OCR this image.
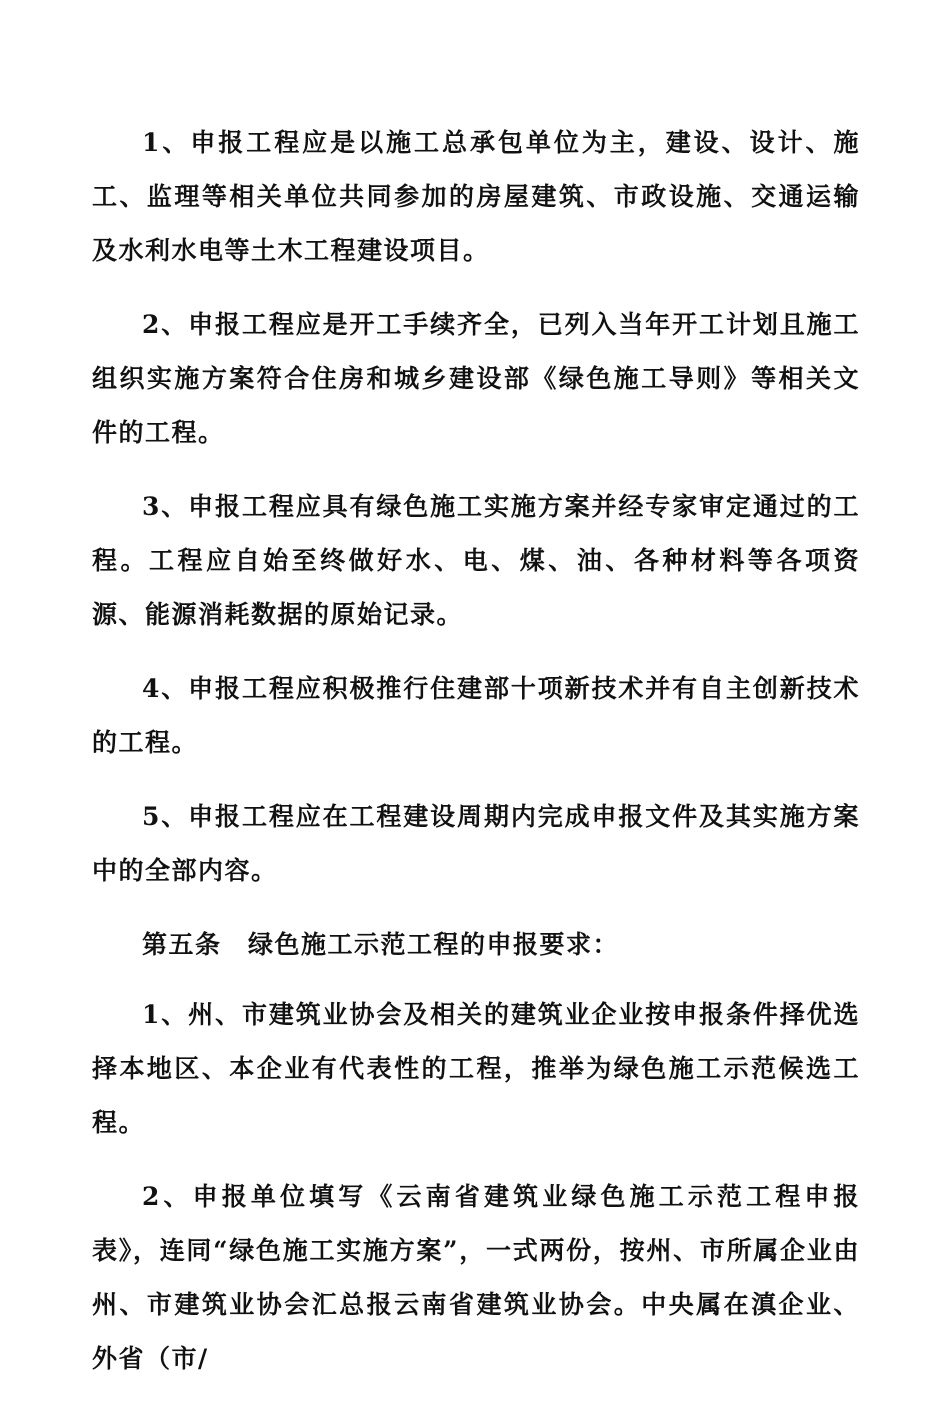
1、申报工程应是以施工总承包单位为主，建设、设计、施工、监理等相关单位共同参加的房屋建筑、市政设施、交通运输及水利水电等土木工程建设项目。

2、申报工程应是开工手续齐全，已列入当年开工计划且施工组织实施方案符合住房和城乡建设部《绿色施工导则》等相关文件的工程。

3、申报工程应具有绿色施工实施方案并经专家审定通过的工程。工程应自始至终做好水、电、煤、油、各种材料等各项资源、能源消耗数据的原始记录。

4、申报工程应积极推行住建部十项新技术并有自主创新技术的工程。

5、申报工程应在工程建设周期内完成申报文件及其实施方案中的全部内容。

第五条　绿色施工示范工程的申报要求：

1、州、市建筑业协会及相关的建筑业企业按申报条件择优选择本地区、本企业有代表性的工程，推举为绿色施工示范候选工程。

2、申报单位填写《云南省建筑业绿色施工示范工程申报表》，连同“绿色施工实施方案”，一式两份，按州、市所属企业由州、市建筑业协会汇总报云南省建筑业协会。中央属在滇企业、外省（市/
